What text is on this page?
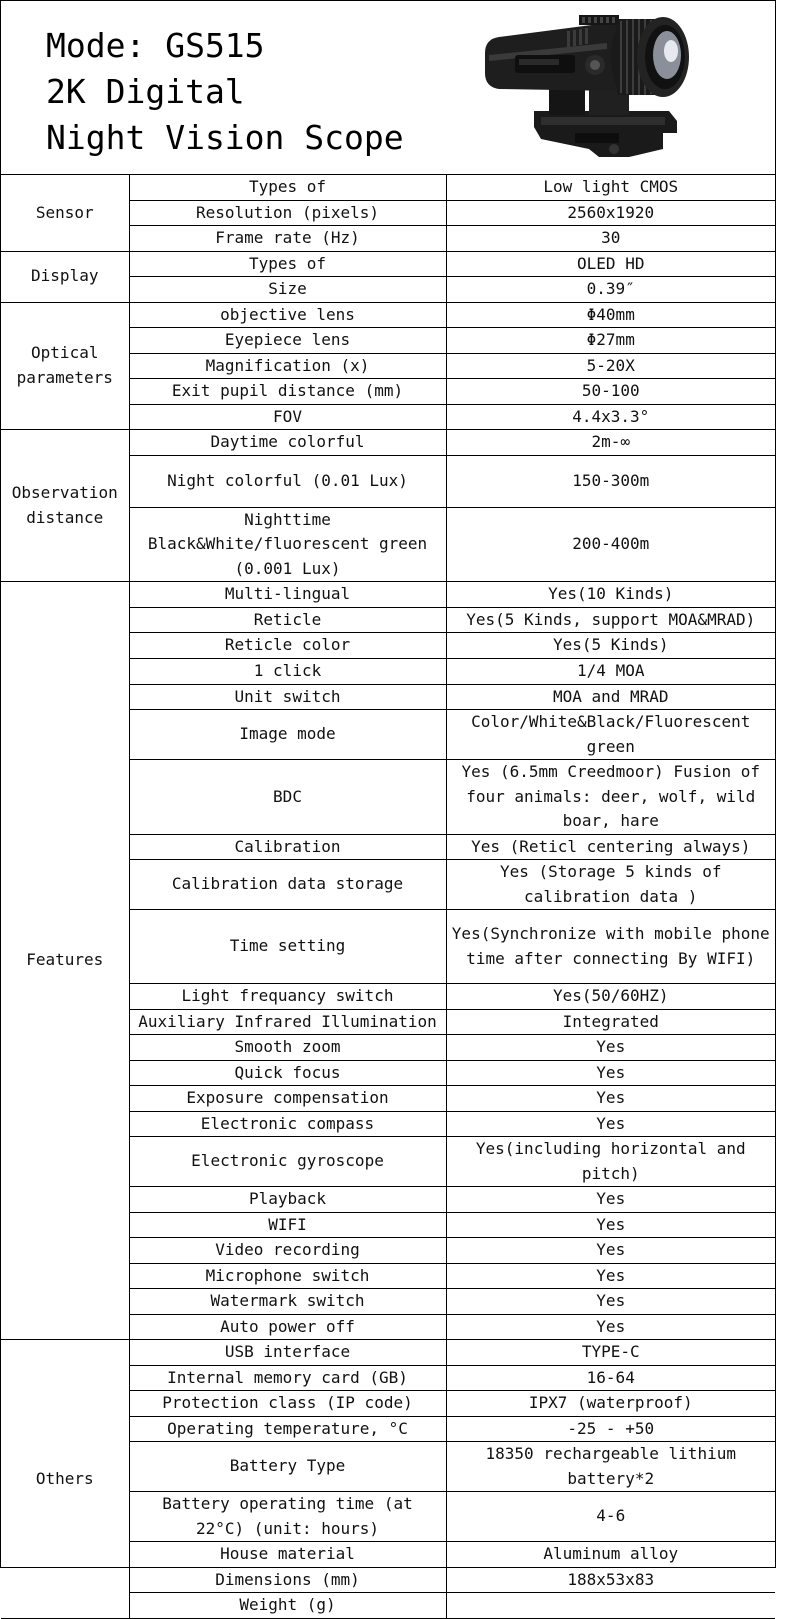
Mode: GS515
2K Digital
Night Vision Scope
Sensor	Types of	Low light CMOS
	Resolution (pixels)	2560x1920
	Frame rate (Hz)	30
Display	Types of	OLED HD
	Size	0.39″
Optical parameters	objective lens	Φ40mm
	Eyepiece lens	Φ27mm
	Magnification (x)	5-20X
	Exit pupil distance (mm)	50-100
	FOV	4.4x3.3°
Observation distance	Daytime colorful	2m-∞
	Night colorful (0.01 Lux)	150-300m
	Nighttime Black&White/fluorescent green (0.001 Lux)	200-400m
Features	Multi-lingual	Yes(10 Kinds)
	Reticle	Yes(5 Kinds, support MOA&MRAD)
	Reticle color	Yes(5 Kinds)
	1 click	1/4 MOA
	Unit switch	MOA and MRAD
	Image mode	Color/White&Black/Fluorescent green
	BDC	Yes (6.5mm Creedmoor) Fusion of four animals: deer, wolf, wild boar, hare
	Calibration	Yes (Reticl centering always)
	Calibration data storage	Yes (Storage 5 kinds of calibration data )
	Time setting	Yes(Synchronize with mobile phone time after connecting By WIFI)
	Light frequancy switch	Yes(50/60HZ)
	Auxiliary Infrared Illumination	Integrated
	Smooth zoom	Yes
	Quick focus	Yes
	Exposure compensation	Yes
	Electronic compass	Yes
	Electronic gyroscope	Yes(including horizontal and pitch)
	Playback	Yes
	WIFI	Yes
	Video recording	Yes
	Microphone switch	Yes
	Watermark switch	Yes
	Auto power off	Yes
Others	USB interface	TYPE-C
	Internal memory card (GB)	16-64
	Protection class (IP code)	IPX7 (waterproof)
	Operating temperature, °C	-25 - +50
	Battery Type	18350 rechargeable lithium battery*2
	Battery operating time (at 22°C) (unit: hours)	4-6
	House material	Aluminum alloy
	Dimensions (mm)	188x53x83
	Weight (g)	
